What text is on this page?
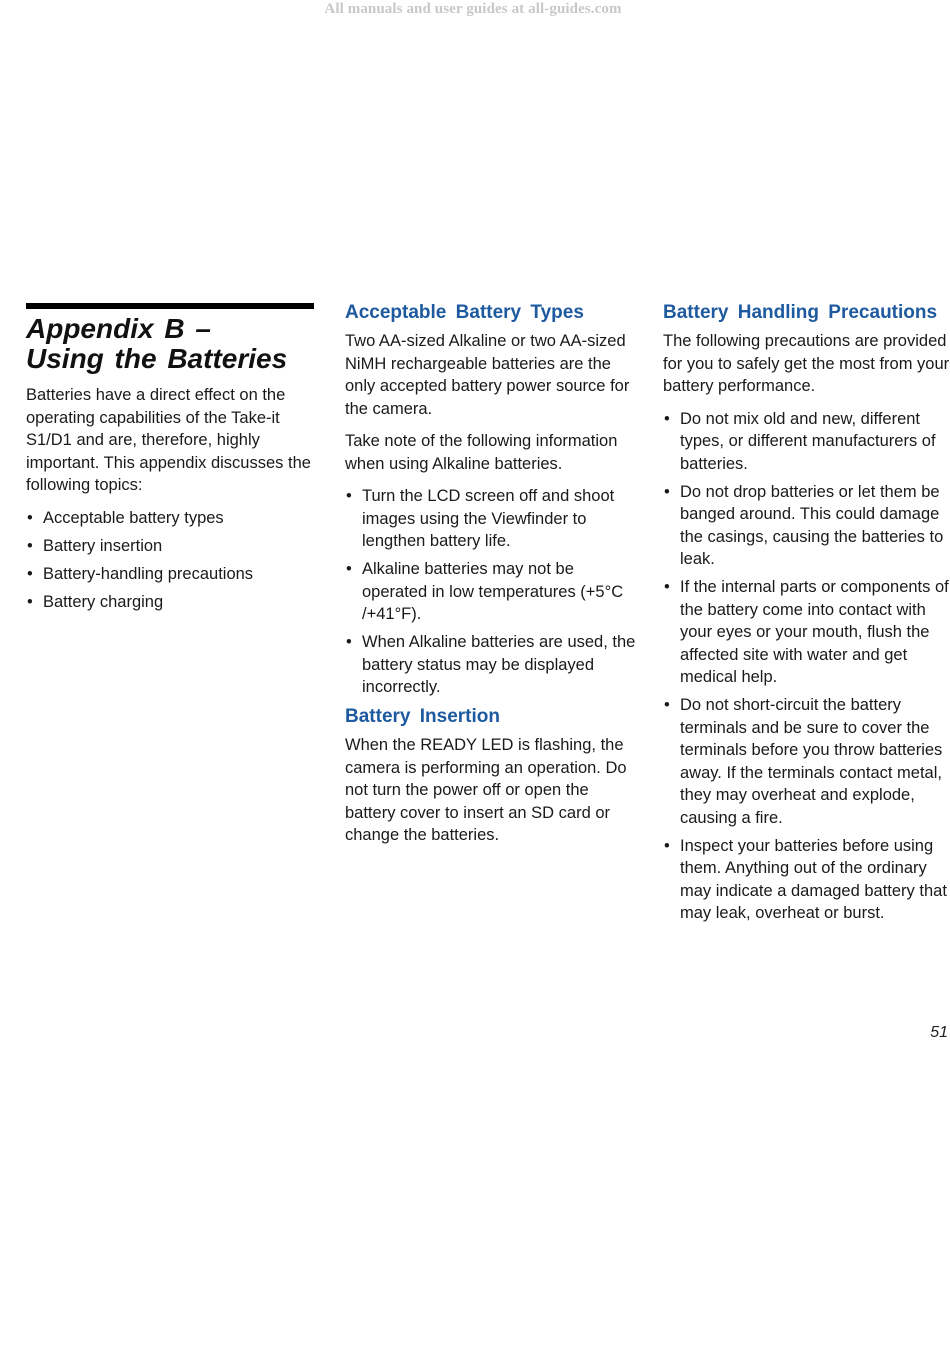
All manuals and user guides at all-guides.com
Appendix B –
Using the Batteries

Batteries have a direct effect on the operating capabilities of the Take-it S1/D1 and are, therefore, highly important. This appendix discusses the following topics:

• Acceptable battery types
• Battery insertion
• Battery-handling precautions
• Battery charging
Acceptable Battery Types

Two AA-sized Alkaline or two AA-sized NiMH rechargeable batteries are the only accepted battery power source for the camera.

Take note of the following information when using Alkaline batteries.

• Turn the LCD screen off and shoot images using the Viewfinder to lengthen battery life.
• Alkaline batteries may not be operated in low temperatures (+5°C /+41°F).
• When Alkaline batteries are used, the battery status may be displayed incorrectly.
Battery Insertion

When the READY LED is flashing, the camera is performing an operation. Do not turn the power off or open the battery cover to insert an SD card or change the batteries.

Battery Handling Precautions

The following precautions are provided for you to safely get the most from your battery performance.

• Do not mix old and new, different types, or different manufacturers of batteries.
• Do not drop batteries or let them be banged around. This could damage the casings, causing the batteries to leak.
• If the internal parts or components of the battery come into contact with your eyes or your mouth, flush the affected site with water and get medical help.
• Do not short-circuit the battery terminals and be sure to cover the terminals before you throw batteries away. If the terminals contact metal, they may overheat and explode, causing a fire.
• Inspect your batteries before using them. Anything out of the ordinary may indicate a damaged battery that may leak, overheat or burst.
51
